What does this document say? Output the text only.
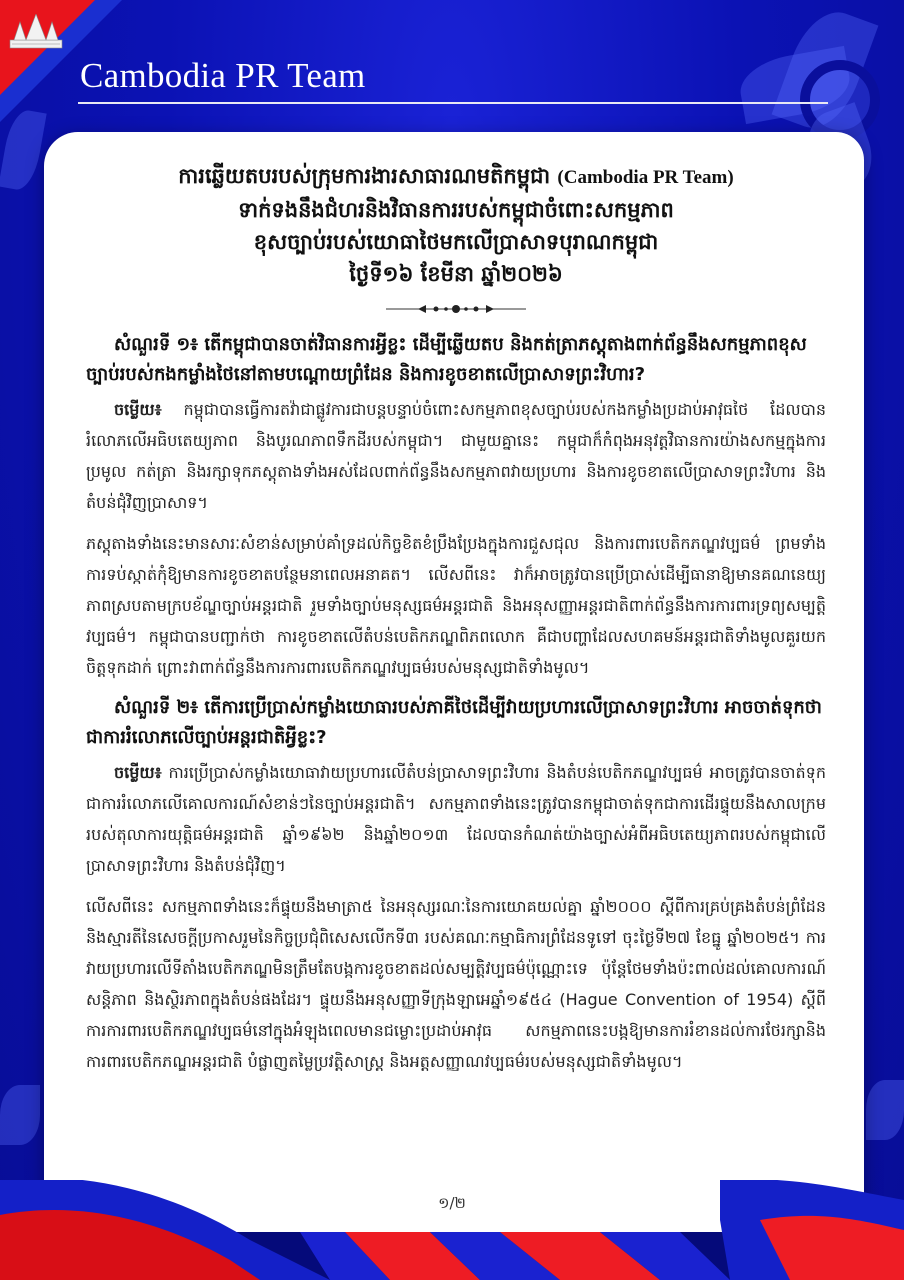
Cambodia PR Team
ការឆ្លើយតបរបស់ក្រុមការងារសាធារណមតិកម្ពុជា (Cambodia PR Team)
ទាក់ទងនឹងជំហរនិងវិធានការរបស់កម្ពុជាចំពោះសកម្មភាព
ខុសច្បាប់របស់យោធាថៃមកលើប្រាសាទបុរាណកម្ពុជា
ថ្ងៃទី១៦ ខែមីនា ឆ្នាំ២០២៦
សំណួរទី ១៖ តើកម្ពុជាបានចាត់វិធានការអ្វីខ្លះ ដើម្បីឆ្លើយតប និងកត់ត្រាភស្តុតាងពាក់ព័ន្ធនឹងសកម្មភាពខុសច្បាប់របស់កងកម្លាំងថៃនៅតាមបណ្តោយព្រំដែន និងការខូចខាតលើប្រាសាទព្រះវិហារ?

ចម្លើយ៖ កម្ពុជាបានធ្វើការតវ៉ាជាផ្លូវការជាបន្តបន្ទាប់ចំពោះសកម្មភាពខុសច្បាប់របស់កងកម្លាំងប្រដាប់អាវុធថៃ ដែលបានរំលោភលើអធិបតេយ្យភាព និងបូរណភាពទឹកដីរបស់កម្ពុជា។ ជាមួយគ្នានេះ កម្ពុជាក៏កំពុងអនុវត្តវិធានការយ៉ាងសកម្មក្នុងការប្រមូល កត់ត្រា និងរក្សាទុកភស្តុតាងទាំងអស់ដែលពាក់ព័ន្ធនឹងសកម្មភាពវាយប្រហារ និងការខូចខាតលើប្រាសាទព្រះវិហារ និងតំបន់ជុំវិញប្រាសាទ។

ភស្តុតាងទាំងនេះមានសារៈសំខាន់សម្រាប់គាំទ្រដល់កិច្ចខិតខំប្រឹងប្រែងក្នុងការជួសជុល និងការពារបេតិកភណ្ឌវប្បធម៌ ព្រមទាំងការទប់ស្កាត់កុំឱ្យមានការខូចខាតបន្ថែមនាពេលអនាគត។ លើសពីនេះ វាក៏អាចត្រូវបានប្រើប្រាស់ដើម្បីធានាឱ្យមានគណនេយ្យភាពស្របតាមក្របខ័ណ្ឌច្បាប់អន្តរជាតិ រួមទាំងច្បាប់មនុស្សធម៌អន្តរជាតិ និងអនុសញ្ញាអន្តរជាតិពាក់ព័ន្ធនឹងការការពារទ្រព្យសម្បត្តិវប្បធម៌។ កម្ពុជាបានបញ្ជាក់ថា ការខូចខាតលើតំបន់បេតិកភណ្ឌពិភពលោក គឺជាបញ្ហាដែលសហគមន៍អន្តរជាតិទាំងមូលគួរយកចិត្តទុកដាក់ ព្រោះវាពាក់ព័ន្ធនឹងការការពារបេតិកភណ្ឌវប្បធម៌របស់មនុស្សជាតិទាំងមូល។

សំណួរទី ២៖ តើការប្រើប្រាស់កម្លាំងយោធារបស់ភាគីថៃដើម្បីវាយប្រហារលើប្រាសាទព្រះវិហារ អាចចាត់ទុកថាជាការរំលោភលើច្បាប់អន្តរជាតិអ្វីខ្លះ?

ចម្លើយ៖ ការប្រើប្រាស់កម្លាំងយោធាវាយប្រហារលើតំបន់ប្រាសាទព្រះវិហារ និងតំបន់បេតិកភណ្ឌវប្បធម៌ អាចត្រូវបានចាត់ទុក ជាការរំលោភលើគោលការណ៍សំខាន់ៗនៃច្បាប់អន្តរជាតិ។ សកម្មភាពទាំងនេះត្រូវបានកម្ពុជាចាត់ទុកជាការដើរផ្ទុយនឹងសាលក្រមរបស់តុលាការយុត្តិធម៌អន្តរជាតិ ឆ្នាំ១៩៦២ និងឆ្នាំ២០១៣ ដែលបានកំណត់យ៉ាងច្បាស់អំពីអធិបតេយ្យភាពរបស់កម្ពុជាលើប្រាសាទព្រះវិហារ និងតំបន់ជុំវិញ។

លើសពីនេះ សកម្មភាពទាំងនេះក៏ផ្ទុយនឹងមាត្រា៥ នៃអនុស្សរណៈនៃការយោគយល់គ្នា ឆ្នាំ២០០០ ស្តីពីការគ្រប់គ្រងតំបន់ព្រំដែន និងស្មារតីនៃសេចក្តីប្រកាសរួមនៃកិច្ចប្រជុំពិសេសលើកទី៣ របស់គណៈកម្មាធិការព្រំដែនទូទៅ ចុះថ្ងៃទី២៧ ខែធ្នូ ឆ្នាំ២០២៥។ ការវាយប្រហារលើទីតាំងបេតិកភណ្ឌមិនត្រឹមតែបង្កការខូចខាតដល់សម្បត្តិវប្បធម៌ប៉ុណ្ណោះទេ ប៉ុន្តែថែមទាំងប៉ះពាល់ដល់គោលការណ៍សន្តិភាព និងស្ថិរភាពក្នុងតំបន់ផងដែរ។ ផ្ទុយនឹងអនុសញ្ញាទីក្រុងឡាអេឆ្នាំ១៩៥៤ (Hague Convention of 1954) ស្តីពីការការពារបេតិកភណ្ឌវប្បធម៌នៅក្នុងអំឡុងពេលមានជម្លោះប្រដាប់អាវុធ សកម្មភាពនេះបង្កឱ្យមានការរំខានដល់ការថែរក្សានិងការពារបេតិកភណ្ឌអន្តរជាតិ បំផ្លាញតម្លៃប្រវត្តិសាស្ត្រ និងអត្តសញ្ញាណវប្បធម៌របស់មនុស្សជាតិទាំងមូល។

១/២
